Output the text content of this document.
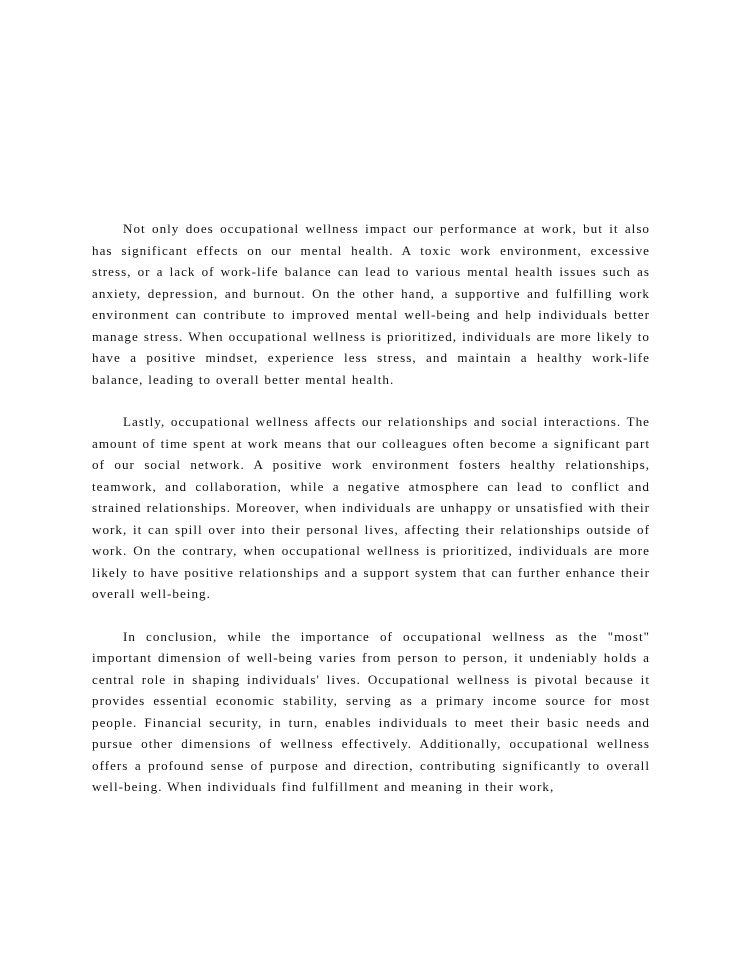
Not only does occupational wellness impact our performance at work, but it also has significant effects on our mental health. A toxic work environment, excessive stress, or a lack of work-life balance can lead to various mental health issues such as anxiety, depression, and burnout. On the other hand, a supportive and fulfilling work environment can contribute to improved mental well-being and help individuals better manage stress. When occupational wellness is prioritized, individuals are more likely to have a positive mindset, experience less stress, and maintain a healthy work-life balance, leading to overall better mental health.

Lastly, occupational wellness affects our relationships and social interactions. The amount of time spent at work means that our colleagues often become a significant part of our social network. A positive work environment fosters healthy relationships, teamwork, and collaboration, while a negative atmosphere can lead to conflict and strained relationships. Moreover, when individuals are unhappy or unsatisfied with their work, it can spill over into their personal lives, affecting their relationships outside of work. On the contrary, when occupational wellness is prioritized, individuals are more likely to have positive relationships and a support system that can further enhance their overall well-being.

In conclusion, while the importance of occupational wellness as the "most" important dimension of well-being varies from person to person, it undeniably holds a central role in shaping individuals' lives. Occupational wellness is pivotal because it provides essential economic stability, serving as a primary income source for most people. Financial security, in turn, enables individuals to meet their basic needs and pursue other dimensions of wellness effectively. Additionally, occupational wellness offers a profound sense of purpose and direction, contributing significantly to overall well-being. When individuals find fulfillment and meaning in their work,
